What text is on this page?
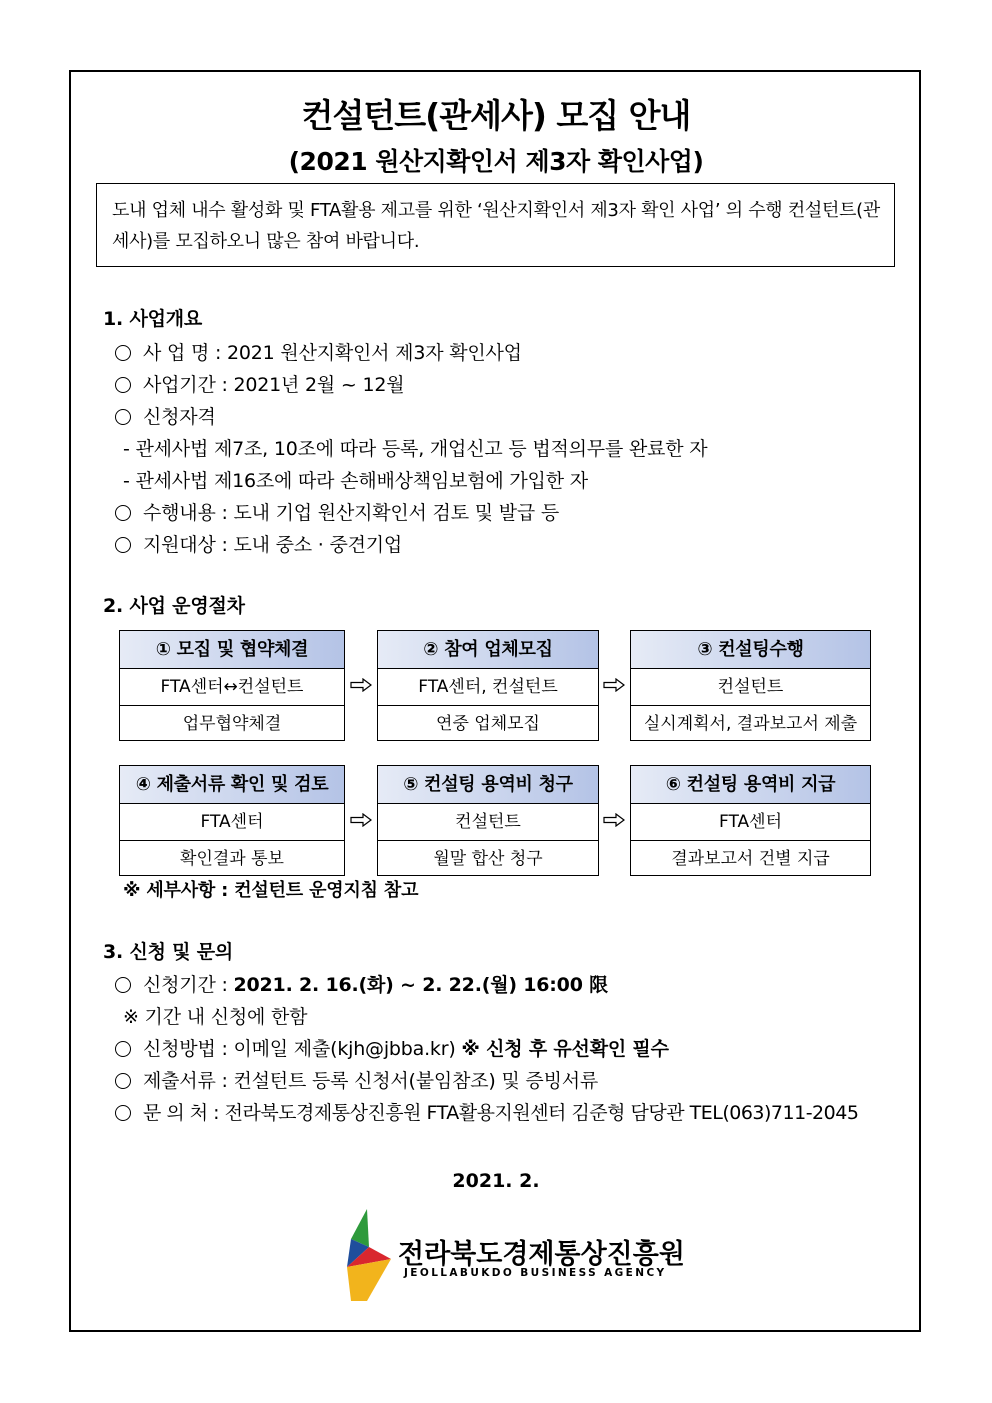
컨설턴트(관세사) 모집 안내
(2021 원산지확인서 제3자 확인사업)
도내 업체 내수 활성화 및 FTA활용 제고를 위한 ‘원산지확인서 제3자 확인 사업’ 의 수행 컨설턴트(관세사)를 모집하오니 많은 참여 바랍니다.
1. 사업개요
사 업 명 : 2021 원산지확인서 제3자 확인사업
사업기간 : 2021년 2월 ~ 12월
신청자격
- 관세사법 제7조, 10조에 따라 등록, 개업신고 등 법적의무를 완료한 자
- 관세사법 제16조에 따라 손해배상책임보험에 가입한 자
수행내용 : 도내 기업 원산지확인서 검토 및 발급 등
지원대상 : 도내 중소 · 중견기업
2. 사업 운영절차
① 모집 및 협약체결
FTA센터↔컨설턴트
업무협약체결
② 참여 업체모집
FTA센터, 컨설턴트
연중 업체모집
③ 컨설팅수행
컨설턴트
실시계획서, 결과보고서 제출
④ 제출서류 확인 및 검토
FTA센터
확인결과 통보
⑤ 컨설팅 용역비 청구
컨설턴트
월말 합산 청구
⑥ 컨설팅 용역비 지급
FTA센터
결과보고서 건별 지급
※ 세부사항 : 컨설턴트 운영지침 참고
3. 신청 및 문의
신청기간 : 2021. 2. 16.(화) ~ 2. 22.(월) 16:00 限
※ 기간 내 신청에 한함
신청방법 : 이메일 제출(kjh@jbba.kr) ※ 신청 후 유선확인 필수
제출서류 : 컨설턴트 등록 신청서(붙임참조) 및 증빙서류
문 의 처 : 전라북도경제통상진흥원 FTA활용지원센터 김준형 담당관 TEL(063)711-2045
2021. 2.
전라북도경제통상진흥원
JEOLLABUKDO BUSINESS AGENCY
